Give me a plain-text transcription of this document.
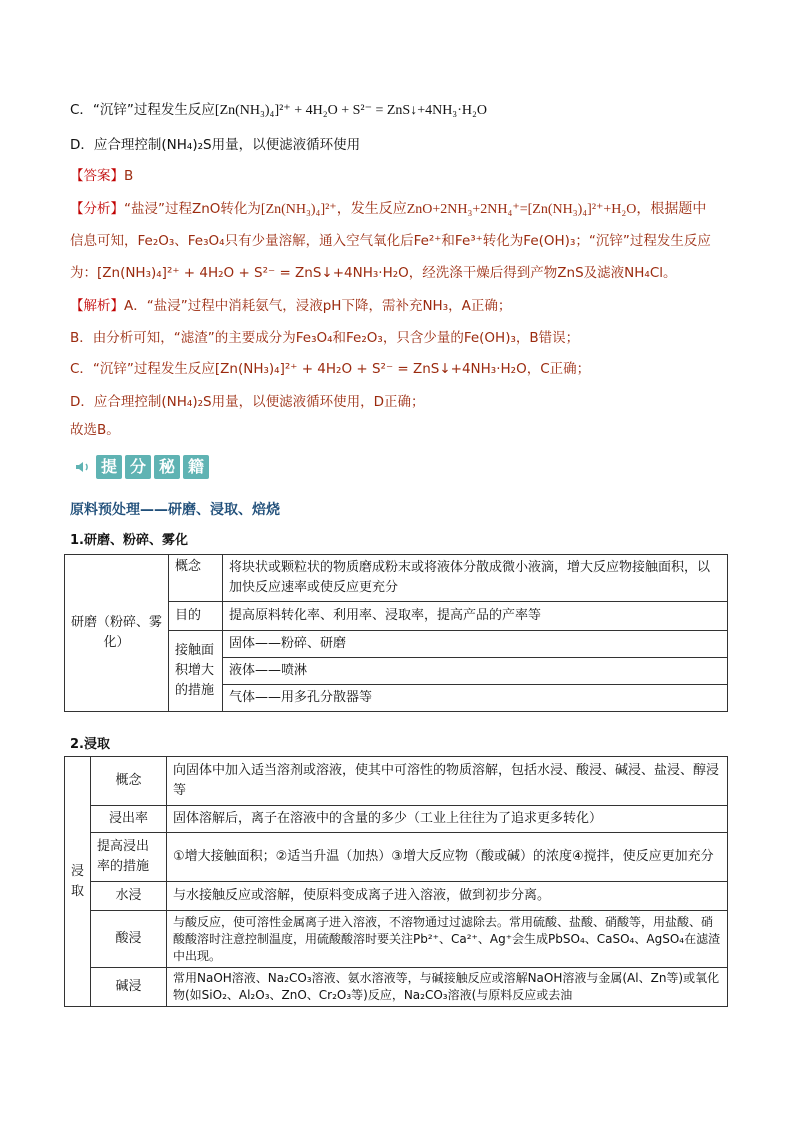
C．“沉锌”过程发生反应[Zn(NH₃)₄]²⁺ + 4H₂O + S²⁻ = ZnS↓+4NH₃·H₂O
D．应合理控制(NH₄)₂S用量，以便滤液循环使用
【答案】B
【分析】“盐浸”过程ZnO转化为[Zn(NH₃)₄]²⁺，发生反应ZnO+2NH₃+2NH₄⁺=[Zn(NH₃)₄]²⁺+H₂O，根据题中
信息可知，Fe₂O₃、Fe₃O₄只有少量溶解，通入空气氧化后Fe²⁺和Fe³⁺转化为Fe(OH)₃；“沉锌”过程发生反应
为：[Zn(NH₃)₄]²⁺ + 4H₂O + S²⁻ = ZnS↓+4NH₃·H₂O，经洗涤干燥后得到产物ZnS及滤液NH₄Cl。
【解析】A．“盐浸”过程中消耗氨气，浸液pH下降，需补充NH₃，A正确；
B．由分析可知，“滤渣”的主要成分为Fe₃O₄和Fe₂O₃，只含少量的Fe(OH)₃，B错误；
C．“沉锌”过程发生反应[Zn(NH₃)₄]²⁺ + 4H₂O + S²⁻ = ZnS↓+4NH₃·H₂O，C正确；
D．应合理控制(NH₄)₂S用量，以便滤液循环使用，D正确；
故选B。
提 分 秘 籍
原料预处理——研磨、浸取、焙烧
1.研磨、粉碎、雾化
研磨（粉碎、雾化）	概念	将块状或颗粒状的物质磨成粉末或将液体分散成微小液滴，增大反应物接触面积，以加快反应速率或使反应更充分
	目的	提高原料转化率、利用率、浸取率，提高产品的产率等
	接触面积增大的措施	固体——粉碎、研磨
		液体——喷淋
		气体——用多孔分散器等
2.浸取
浸取	概念	向固体中加入适当溶剂或溶液，使其中可溶性的物质溶解，包括水浸、酸浸、碱浸、盐浸、醇浸等
	浸出率	固体溶解后，离子在溶液中的含量的多少（工业上往往为了追求更多转化）
	提高浸出率的措施	①增大接触面积；②适当升温（加热）③增大反应物（酸或碱）的浓度④搅拌，使反应更加充分
	水浸	与水接触反应或溶解，使原料变成离子进入溶液，做到初步分离。
	酸浸	与酸反应，使可溶性金属离子进入溶液，不溶物通过过滤除去。常用硫酸、盐酸、硝酸等，用盐酸、硝酸酸溶时注意控制温度，用硫酸酸溶时要关注Pb²⁺、Ca²⁺、Ag⁺会生成PbSO₄、CaSO₄、AgSO₄在滤渣中出现。
	碱浸	常用NaOH溶液、Na₂CO₃溶液、氨水溶液等，与碱接触反应或溶解NaOH溶液与金属(Al、Zn等)或氧化物(如SiO₂、Al₂O₃、ZnO、Cr₂O₃等)反应，Na₂CO₃溶液(与原料反应或去油
